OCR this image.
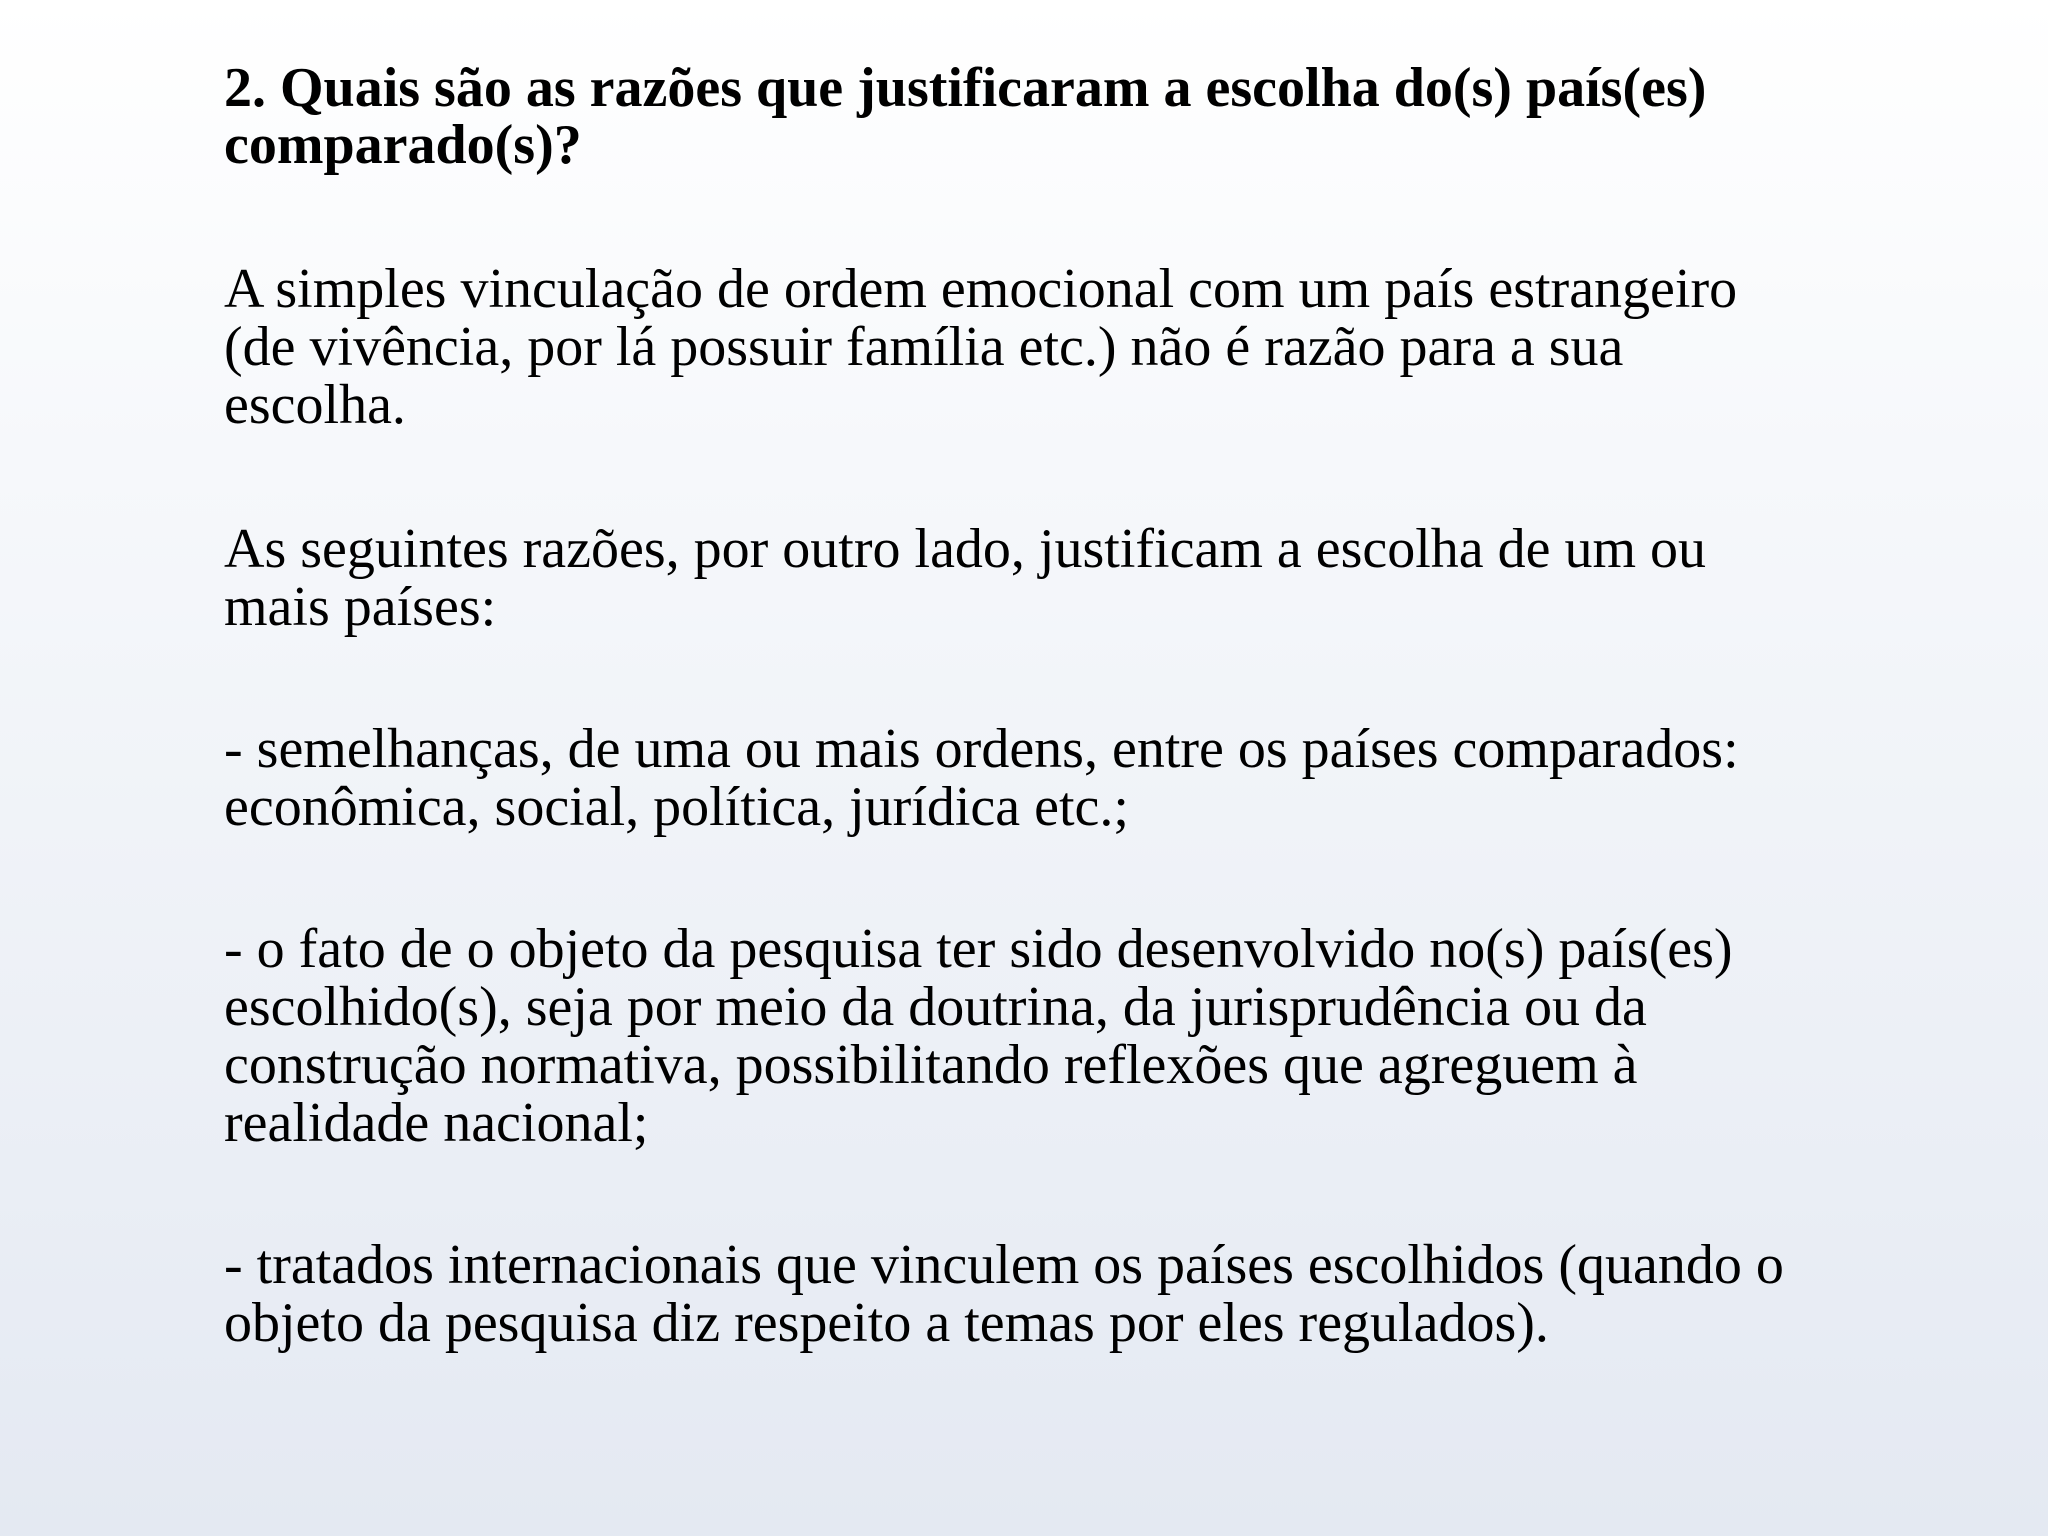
2. Quais são as razões que justificaram a escolha do(s) país(es)
comparado(s)?
A simples vinculação de ordem emocional com um país estrangeiro
(de vivência, por lá possuir família etc.) não é razão para a sua
escolha.
As seguintes razões, por outro lado, justificam a escolha de um ou
mais países:
- semelhanças, de uma ou mais ordens, entre os países comparados:
econômica, social, política, jurídica etc.;
- o fato de o objeto da pesquisa ter sido desenvolvido no(s) país(es)
escolhido(s), seja por meio da doutrina, da jurisprudência ou da
construção normativa, possibilitando reflexões que agreguem à
realidade nacional;
- tratados internacionais que vinculem os países escolhidos (quando o
objeto da pesquisa diz respeito a temas por eles regulados).
